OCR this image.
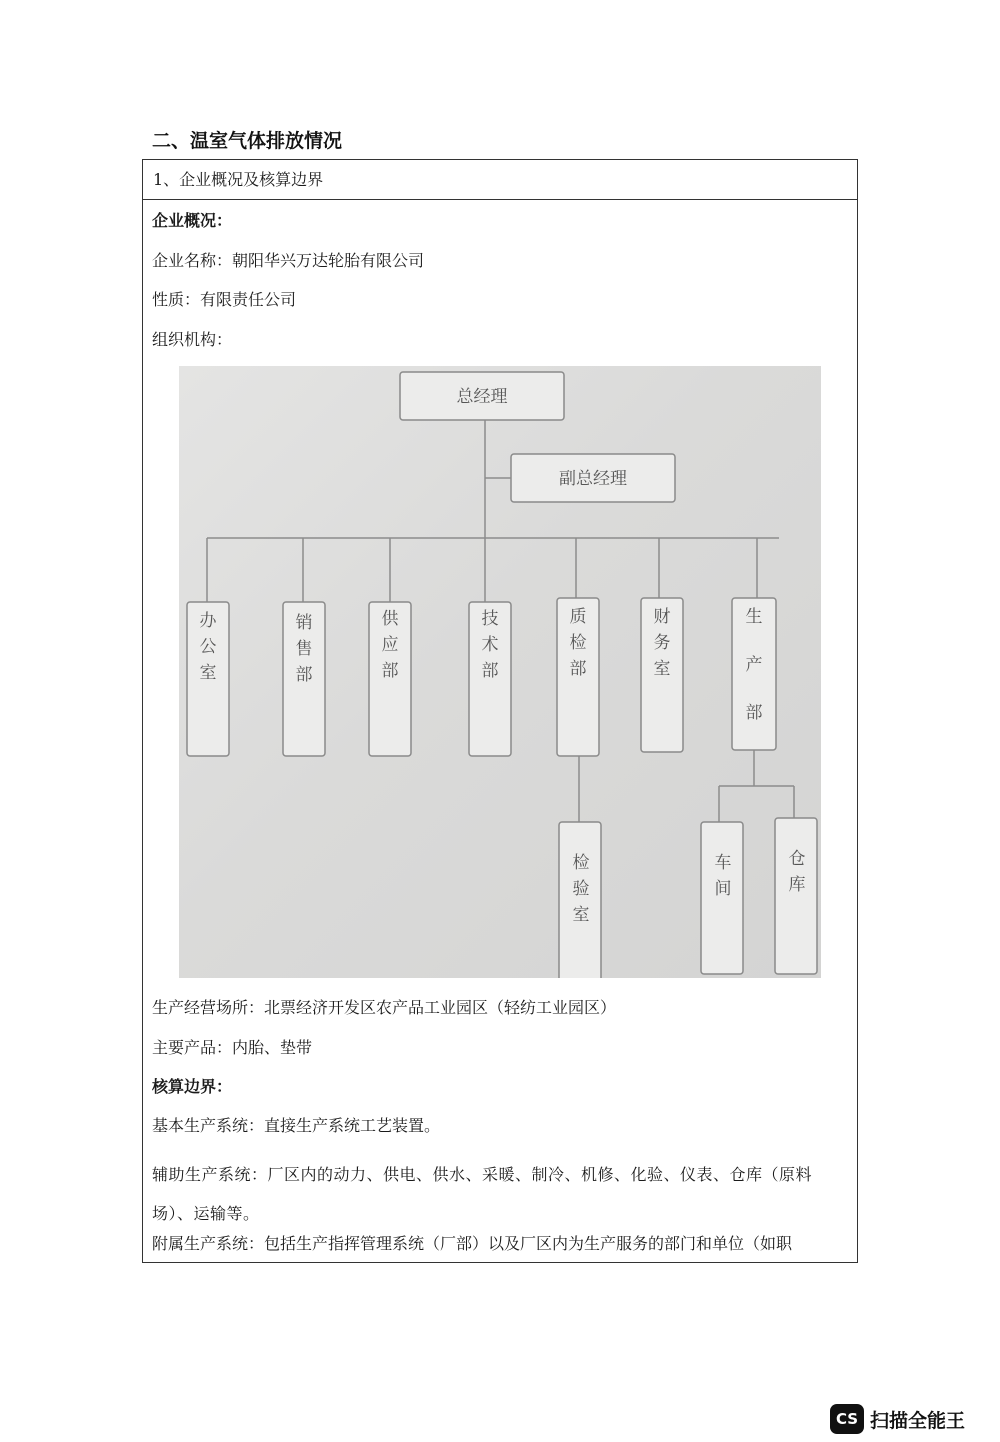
二、温室气体排放情况
1、企业概况及核算边界
企业概况：
企业名称：朝阳华兴万达轮胎有限公司
性质：有限责任公司
组织机构：
总经理
副总经理
办公室
销售部
供应部
技术部
质检部
财务室
生产部
检验室
车间
仓库
生产经营场所：北票经济开发区农产品工业园区（轻纺工业园区）
主要产品：内胎、垫带
核算边界：
基本生产系统：直接生产系统工艺装置。
辅助生产系统：厂区内的动力、供电、供水、采暖、制冷、机修、化验、仪表、仓库（原料场）、运输等。
附属生产系统：包括生产指挥管理系统（厂部）以及厂区内为生产服务的部门和单位（如职
CS 扫描全能王
